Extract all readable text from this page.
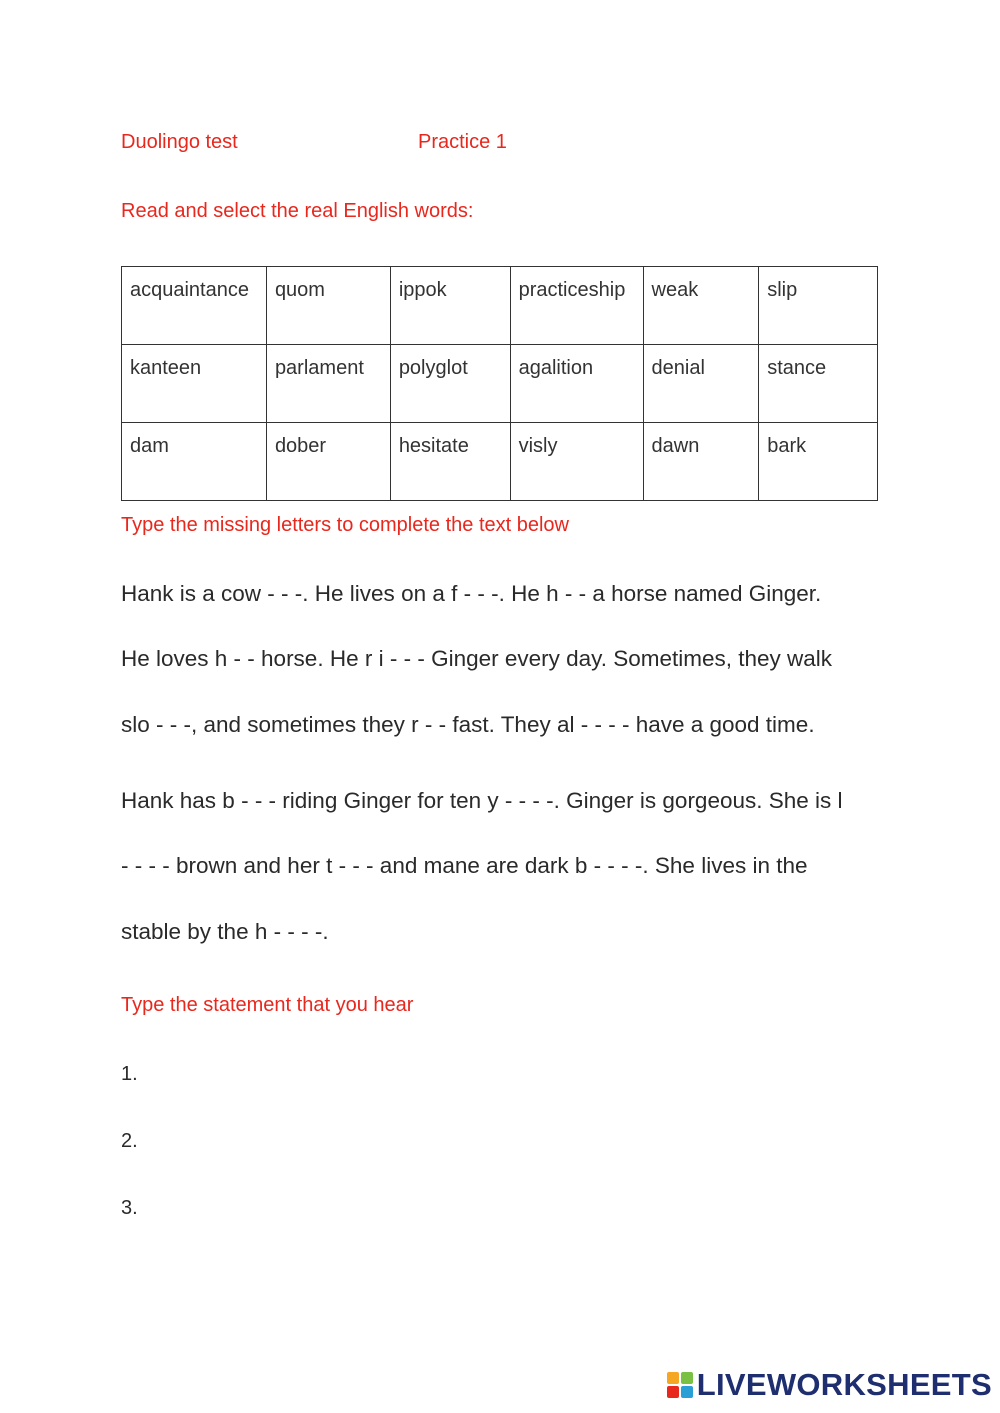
Duolingo test	Practice 1
Read and select the real English words:
acquaintance	quom	ippok	practiceship	weak	slip
kanteen	parlament	polyglot	agalition	denial	stance
dam	dober	hesitate	visly	dawn	bark
Type the missing letters to complete the text below
Hank is a cow - - -. He lives on a f - - -. He h - - a horse named Ginger.
He loves h - - horse. He r i - - - Ginger every day. Sometimes, they walk
slo - - -, and sometimes they r - - fast. They al - - - - have a good time.
Hank has b - - - riding Ginger for ten y - - - -. Ginger is gorgeous. She is l
- - - - brown and her t - - - and mane are dark b - - - -. She lives in the
stable by the h - - - -.
Type the statement that you hear
1.
2.
3.
LIVEWORKSHEETS
